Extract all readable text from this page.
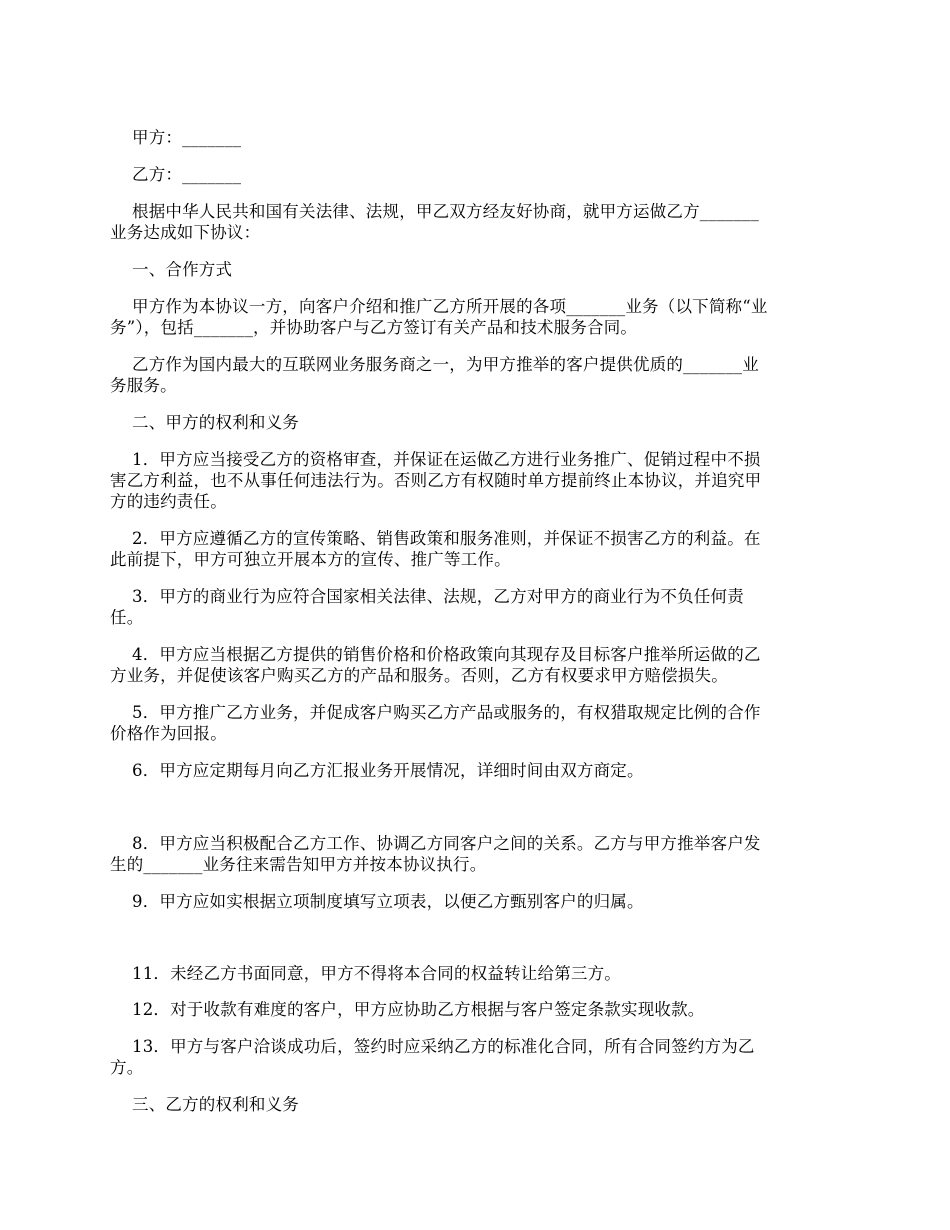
甲方：_______
乙方：_______
根据中华人民共和国有关法律、法规，甲乙双方经友好协商，就甲方运做乙方_______
业务达成如下协议：
一、合作方式
甲方作为本协议一方，向客户介绍和推广乙方所开展的各项_______业务（以下简称“业
务”），包括_______，并协助客户与乙方签订有关产品和技术服务合同。
乙方作为国内最大的互联网业务服务商之一，为甲方推举的客户提供优质的_______业
务服务。
二、甲方的权利和义务
1．甲方应当接受乙方的资格审查，并保证在运做乙方进行业务推广、促销过程中不损
害乙方利益，也不从事任何违法行为。否则乙方有权随时单方提前终止本协议，并追究甲
方的违约责任。
2．甲方应遵循乙方的宣传策略、销售政策和服务准则，并保证不损害乙方的利益。在
此前提下，甲方可独立开展本方的宣传、推广等工作。
3．甲方的商业行为应符合国家相关法律、法规，乙方对甲方的商业行为不负任何责
任。
4．甲方应当根据乙方提供的销售价格和价格政策向其现存及目标客户推举所运做的乙
方业务，并促使该客户购买乙方的产品和服务。否则，乙方有权要求甲方赔偿损失。
5．甲方推广乙方业务，并促成客户购买乙方产品或服务的，有权猎取规定比例的合作
价格作为回报。
6．甲方应定期每月向乙方汇报业务开展情况，详细时间由双方商定。
8．甲方应当积极配合乙方工作、协调乙方同客户之间的关系。乙方与甲方推举客户发
生的_______业务往来需告知甲方并按本协议执行。
9．甲方应如实根据立项制度填写立项表，以便乙方甄别客户的归属。
11．未经乙方书面同意，甲方不得将本合同的权益转让给第三方。
12．对于收款有难度的客户，甲方应协助乙方根据与客户签定条款实现收款。
13．甲方与客户洽谈成功后，签约时应采纳乙方的标准化合同，所有合同签约方为乙
方。
三、乙方的权利和义务
